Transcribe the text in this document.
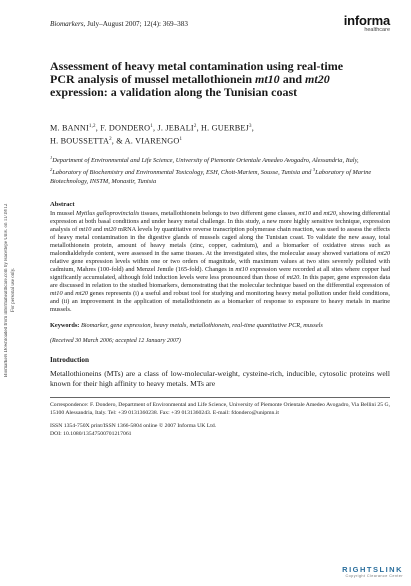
Biomarkers Downloaded from informahealthcare.com by Hacettepe Univ. on 11/18/12 For personal use only.
Biomarkers, July–August 2007; 12(4): 369–383	informa
healthcare
Assessment of heavy metal contamination using real-time PCR analysis of mussel metallothionein mt10 and mt20 expression: a validation along the Tunisian coast
M. BANNI$^{1,2}$, F. DONDERO$^1$, J. JEBALI$^2$, H. GUERBEJ$^3$,
H. BOUSSETTA$^2$, & A. VIARENGO$^1$
$^1$Department of Environmental and Life Science, University of Piemonte Orientale Amedeo Avogadro, Alessandria, Italy, $^2$Laboratory of Biochemistry and Environmental Toxicology, ESH, Chott-Mariem, Sousse, Tunisia and $^3$Laboratory of Marine Biotechnology, INSTM, Monastir, Tunisia
Abstract
In mussel Mytilus galloprovincialis tissues, metallothionein belongs to two different gene classes, mt10 and mt20, showing differential expression at both basal conditions and under heavy metal challenge. In this study, a new more highly sensitive technique, expression analysis of mt10 and mt20 mRNA levels by quantitative reverse transcription polymerase chain reaction, was used to assess the effects of heavy metal contamination in the digestive glands of mussels caged along the Tunisian coast. To validate the new assay, total metallothionein protein, amount of heavy metals (zinc, copper, cadmium), and a biomarker of oxidative stress such as malondialdehyde content, were assessed in the same tissues. At the investigated sites, the molecular assay showed variations of mt20 relative gene expression levels within one or two orders of magnitude, with maximum values at two sites severely polluted with cadmium, Mahres (100-fold) and Menzel Jemile (165-fold). Changes in mt10 expression were recorded at all sites where copper had significantly accumulated, although fold induction levels were less pronounced than those of mt20. In this paper, gene expression data are discussed in relation to the studied biomarkers, demonstrating that the molecular technique based on the differential expression of mt10 and mt20 genes represents (i) a useful and robust tool for studying and monitoring heavy metal pollution under field conditions, and (ii) an improvement in the application of metallothionein as a biomarker of response to exposure to heavy metals in marine mussels.
Keywords: Biomarker, gene expression, heavy metals, metallothionein, real-time quantitative PCR, mussels
(Received 30 March 2006; accepted 12 January 2007)
Introduction

Metallothioneins (MTs) are a class of low-molecular-weight, cysteine-rich, inducible, cytosolic proteins well known for their high affinity to heavy metals. MTs are

Correspondence: F. Dondero, Department of Environmental and Life Science, University of Piemonte Orientale Amedeo Avogadro, Via Bellini 25 G, 15100 Alessandria, Italy. Tel: +39 0131360238. Fax: +39 0131360243. E-mail: fdondero@unipmn.it

ISSN 1354-750X print/ISSN 1366-5804 online © 2007 Informa UK Ltd.
DOI: 10.1080/13547500701217061
RIGHTSLINK
Copyright Clearance Center
